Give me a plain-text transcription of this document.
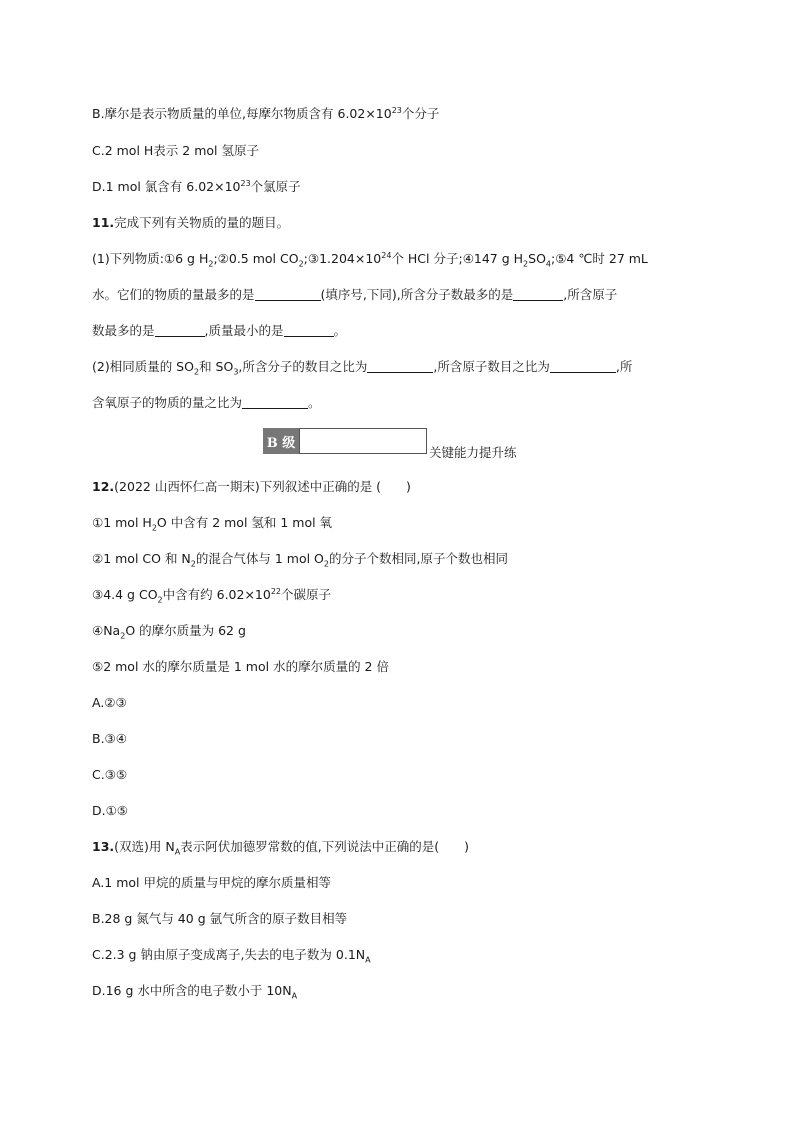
B.摩尔是表示物质量的单位,每摩尔物质含有 $6.02\times 10^{23}$个分子
C.2 mol H表示 2 mol 氢原子
D.1 mol 氯含有 $6.02\times 10^{23}$个氯原子
11.完成下列有关物质的量的题目。
(1)下列物质:①6 g $H_2;②0.5$ mol $CO_2;③1.204\times 10^{24}$个 HCl 分子;④147 g $H_2SO_4;⑤4$ ℃时 27 mL
水。它们的物质的量最多的是	(填序号,下同),所含分子数最多的是	,所含原子
数最多的是	,质量最小的是	。
(2)相同质量的 $SO_2$和 $SO_3$,所含分子的数目之比为	,所含原子数目之比为	,所
含氧原子的物质的量之比为	。
B 级
关键能力提升练
12.(2022 山西怀仁高一期末)下列叙述中正确的是 (　　)
①1 mol $H_2O$ 中含有 2 mol 氢和 1 mol 氧
②1 mol CO 和 $N_2$的混合气体与 1 mol $O_2$的分子个数相同,原子个数也相同
③4.4 g $CO_2$中含有约 $6.02\times 10^{22}$个碳原子
$④Na_2O$ 的摩尔质量为 62 g
⑤2 mol 水的摩尔质量是 1 mol 水的摩尔质量的 2 倍
A.②③
B.③④
C.③⑤
D.①⑤
13.(双选)用 $N_A$表示阿伏加德罗常数的值,下列说法中正确的是(　　)
A.1 mol 甲烷的质量与甲烷的摩尔质量相等
B.28 g 氮气与 40 g 氩气所含的原子数目相等
C.2.3 g 钠由原子变成离子,失去的电子数为 $0.1N_A$
D.16 g 水中所含的电子数小于 $10N_A$
